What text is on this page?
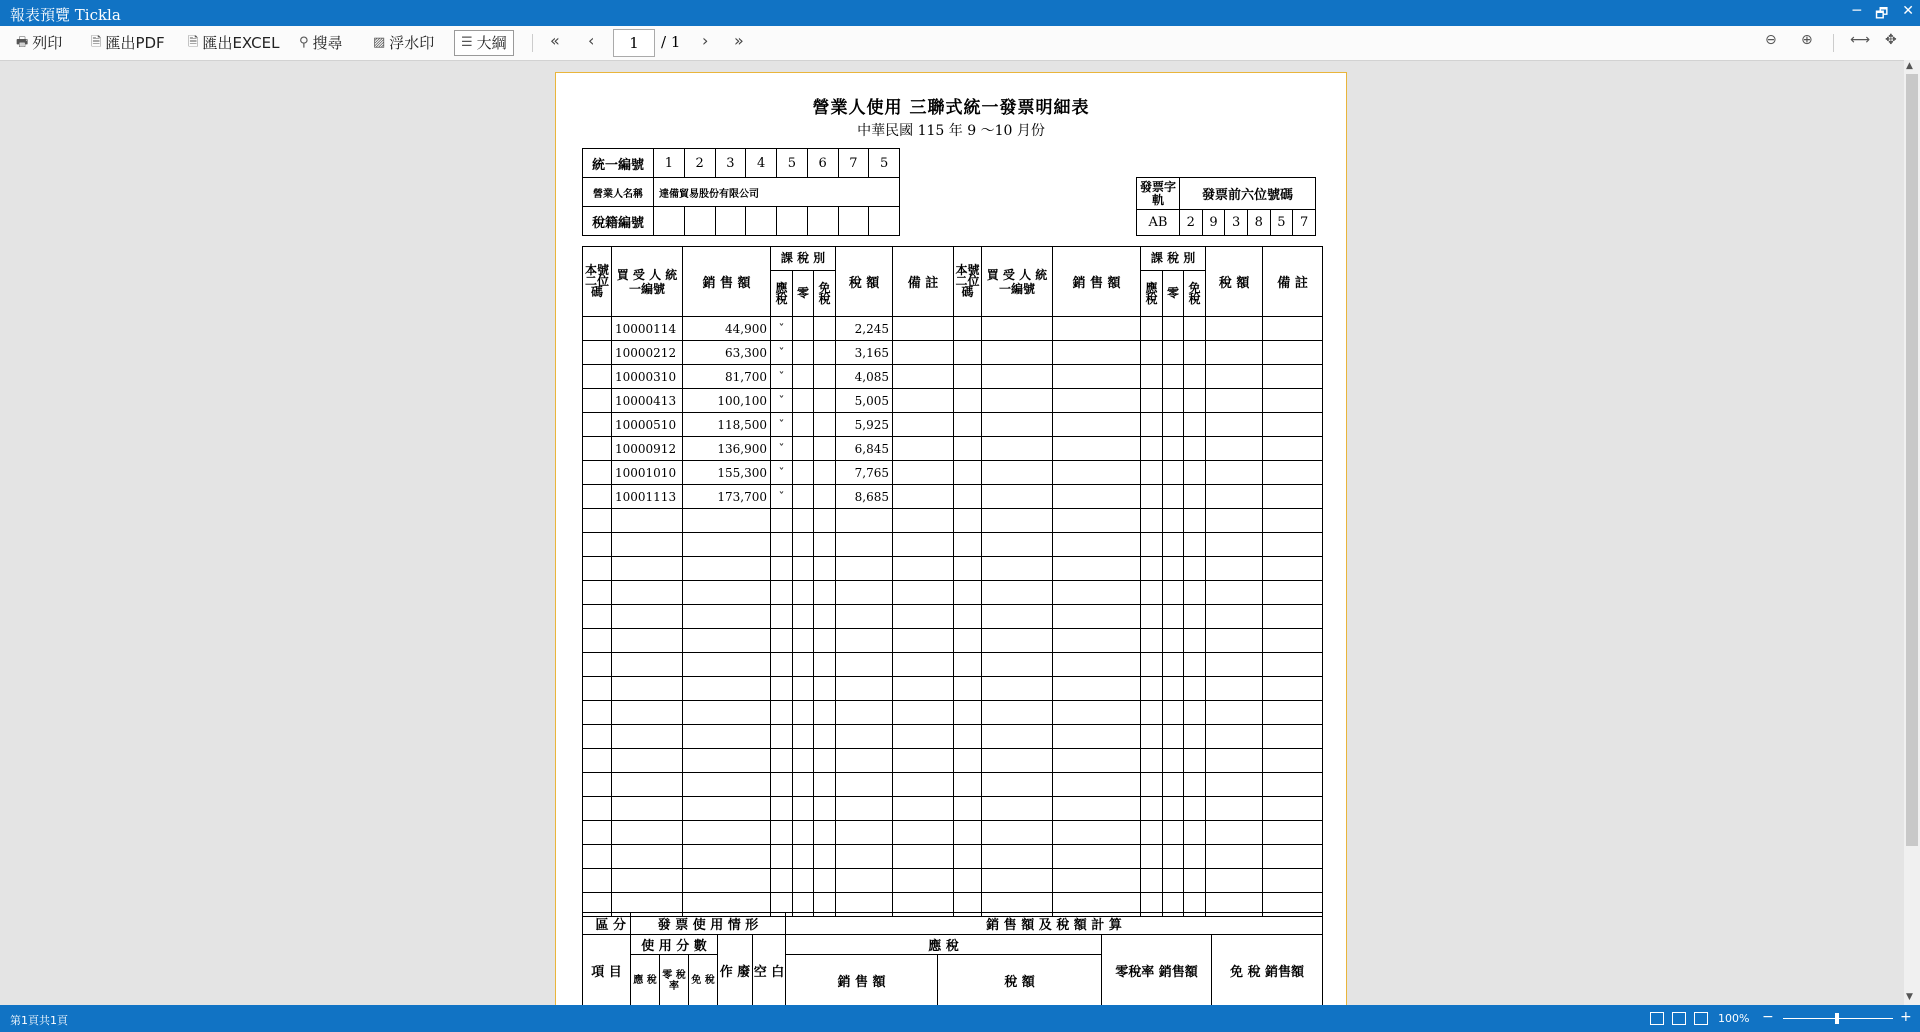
報表預覽 Tickla	─ 🗗 ✕
🖶 列印 🗎 匯出PDF 🗎 匯出EXCEL ⚲ 搜尋 ▨ 浮水印 ☰ 大綱	« ‹	1	/ 1 › »	⊖ ⊕	⟷ ✥
▲
▼
營業人使用 三聯式統一發票明細表
中華民國 115 年 9 ～10 月份
統一編號	1	2	3	4	5	6	7	5
營業人名稱	達備貿易股份有限公司							
稅籍編號								
發票字軌	發票前六位號碼					
AB	2	9	3	8	5	7
本號二位碼	買 受 人 統一編號	銷 售 額	課 稅 別			稅 額	備 註	本號二位碼	買 受 人 統一編號	銷 售 額	課 稅 別			稅 額	備 註
			應稅	零	免稅						應稅	零	免稅		

	10000114	44,900	ˇ			2,245									
	10000212	63,300	ˇ			3,165									
	10000310	81,700	ˇ			4,085									
	10000413	100,100	ˇ			5,005									
	10000510	118,500	ˇ			5,925									
	10000912	136,900	ˇ			6,845									
	10001010	155,300	ˇ			7,765									
	10001113	173,700	ˇ			8,685									

區 分	發 票 使 用 情 形					銷 售 額 及 稅 額 計 算			
項 目	使 用 分 數			作 廢	空 白	應 稅		零稅率 銷售額	免 稅 銷售額
	應 稅	零 稅 率	免 稅			銷 售 額	稅 額		
第1頁共1頁	100% −	+
